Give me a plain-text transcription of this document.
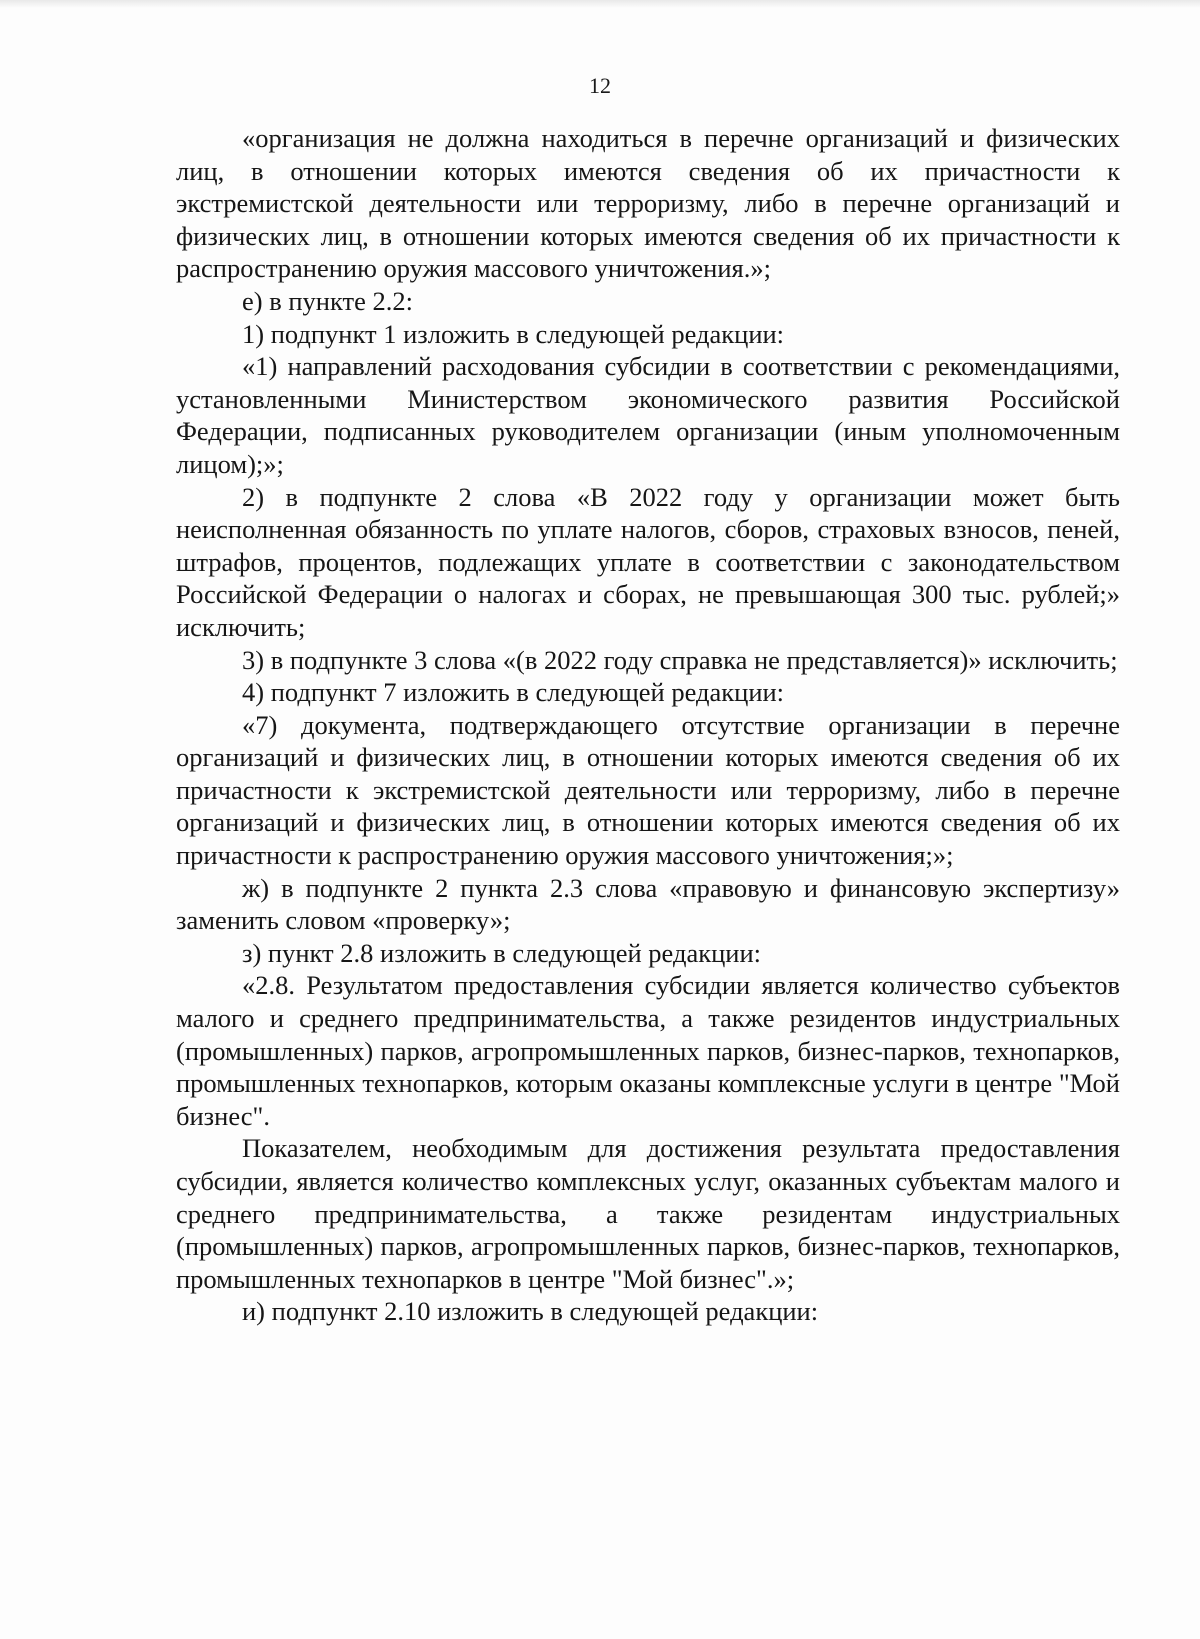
12

«организация не должна находиться в перечне организаций и физических лиц, в отношении которых имеются сведения об их причастности к экстремистской деятельности или терроризму, либо в перечне организаций и физических лиц, в отношении которых имеются сведения об их причастности к распространению оружия массового уничтожения.»;

е) в пункте 2.2:

1) подпункт 1 изложить в следующей редакции:

«1) направлений расходования субсидии в соответствии с рекомендациями, установленными Министерством экономического развития Российской Федерации, подписанных руководителем организации (иным уполномоченным лицом);»;

2) в подпункте 2 слова «В 2022 году у организации может быть неисполненная обязанность по уплате налогов, сборов, страховых взносов, пеней, штрафов, процентов, подлежащих уплате в соответствии с законодательством Российской Федерации о налогах и сборах, не превышающая 300 тыс. рублей;» исключить;

3) в подпункте 3 слова «(в 2022 году справка не представляется)» исключить;

4) подпункт 7 изложить в следующей редакции:

«7) документа, подтверждающего отсутствие организации в перечне организаций и физических лиц, в отношении которых имеются сведения об их причастности к экстремистской деятельности или терроризму, либо в перечне организаций и физических лиц, в отношении которых имеются сведения об их причастности к распространению оружия массового уничтожения;»;

ж) в подпункте 2 пункта 2.3 слова «правовую и финансовую экспертизу» заменить словом «проверку»;

з) пункт 2.8 изложить в следующей редакции:

«2.8. Результатом предоставления субсидии является количество субъектов малого и среднего предпринимательства, а также резидентов индустриальных (промышленных) парков, агропромышленных парков, бизнес-парков, технопарков, промышленных технопарков, которым оказаны комплексные услуги в центре "Мой бизнес".

Показателем, необходимым для достижения результата предоставления субсидии, является количество комплексных услуг, оказанных субъектам малого и среднего предпринимательства, а также резидентам индустриальных (промышленных) парков, агропромышленных парков, бизнес-парков, технопарков, промышленных технопарков в центре "Мой бизнес".»;

и) подпункт 2.10 изложить в следующей редакции:
